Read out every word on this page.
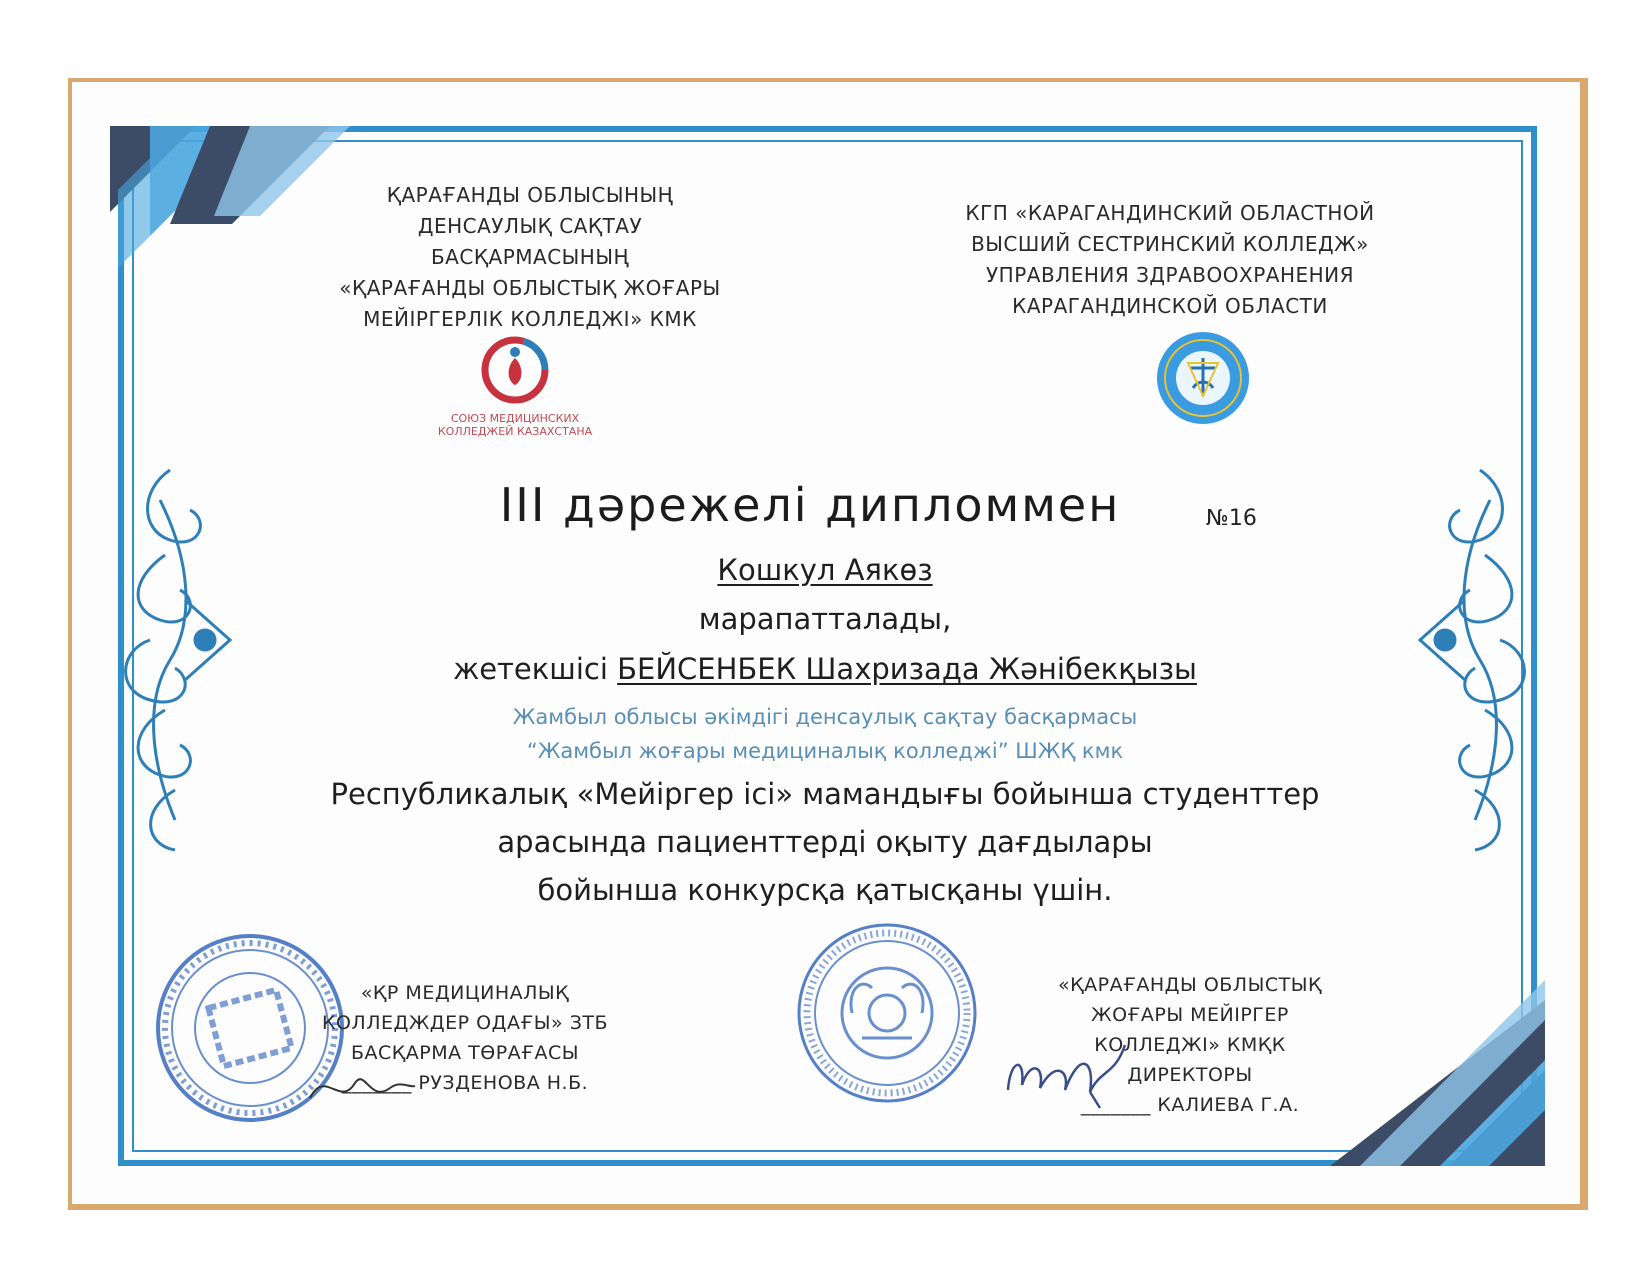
ҚАРАҒАНДЫ ОБЛЫСЫНЫҢ
ДЕНСАУЛЫҚ САҚТАУ
БАСҚАРМАСЫНЫҢ
«ҚАРАҒАНДЫ ОБЛЫСТЫҚ ЖОҒАРЫ
МЕЙІРГЕРЛІК КОЛЛЕДЖІ» КМК
СОЮЗ МЕДИЦИНСКИХ
КОЛЛЕДЖЕЙ КАЗАХСТАНА
КГП «КАРАГАНДИНСКИЙ ОБЛАСТНОЙ
ВЫСШИЙ СЕСТРИНСКИЙ КОЛЛЕДЖ»
УПРАВЛЕНИЯ ЗДРАВООХРАНЕНИЯ
КАРАГАНДИНСКОЙ ОБЛАСТИ
III дәрежелі дипломмен	№16
Кошкул Аякөз
марапатталады,
жетекшісі БЕЙСЕНБЕК Шахризада Жәнібекқызы
Жамбыл облысы әкімдігі денсаулық сақтау басқармасы
“Жамбыл жоғары медициналық колледжі” ШЖҚ кмк
Республикалық «Мейіргер ісі» мамандығы бойынша студенттер
арасында пациенттерді оқыту дағдылары
бойынша конкурсқа қатысқаны үшін.
«ҚР МЕДИЦИНАЛЫҚ
КОЛЛЕДЖДЕР ОДАҒЫ» ЗТБ
БАСҚАРМА ТӨРАҒАСЫ
_______ РУЗДЕНОВА Н.Б.
«ҚАРАҒАНДЫ ОБЛЫСТЫҚ
ЖОҒАРЫ МЕЙІРГЕР
КОЛЛЕДЖІ» КМҚК
ДИРЕКТОРЫ
_______ КАЛИЕВА Г.А.
